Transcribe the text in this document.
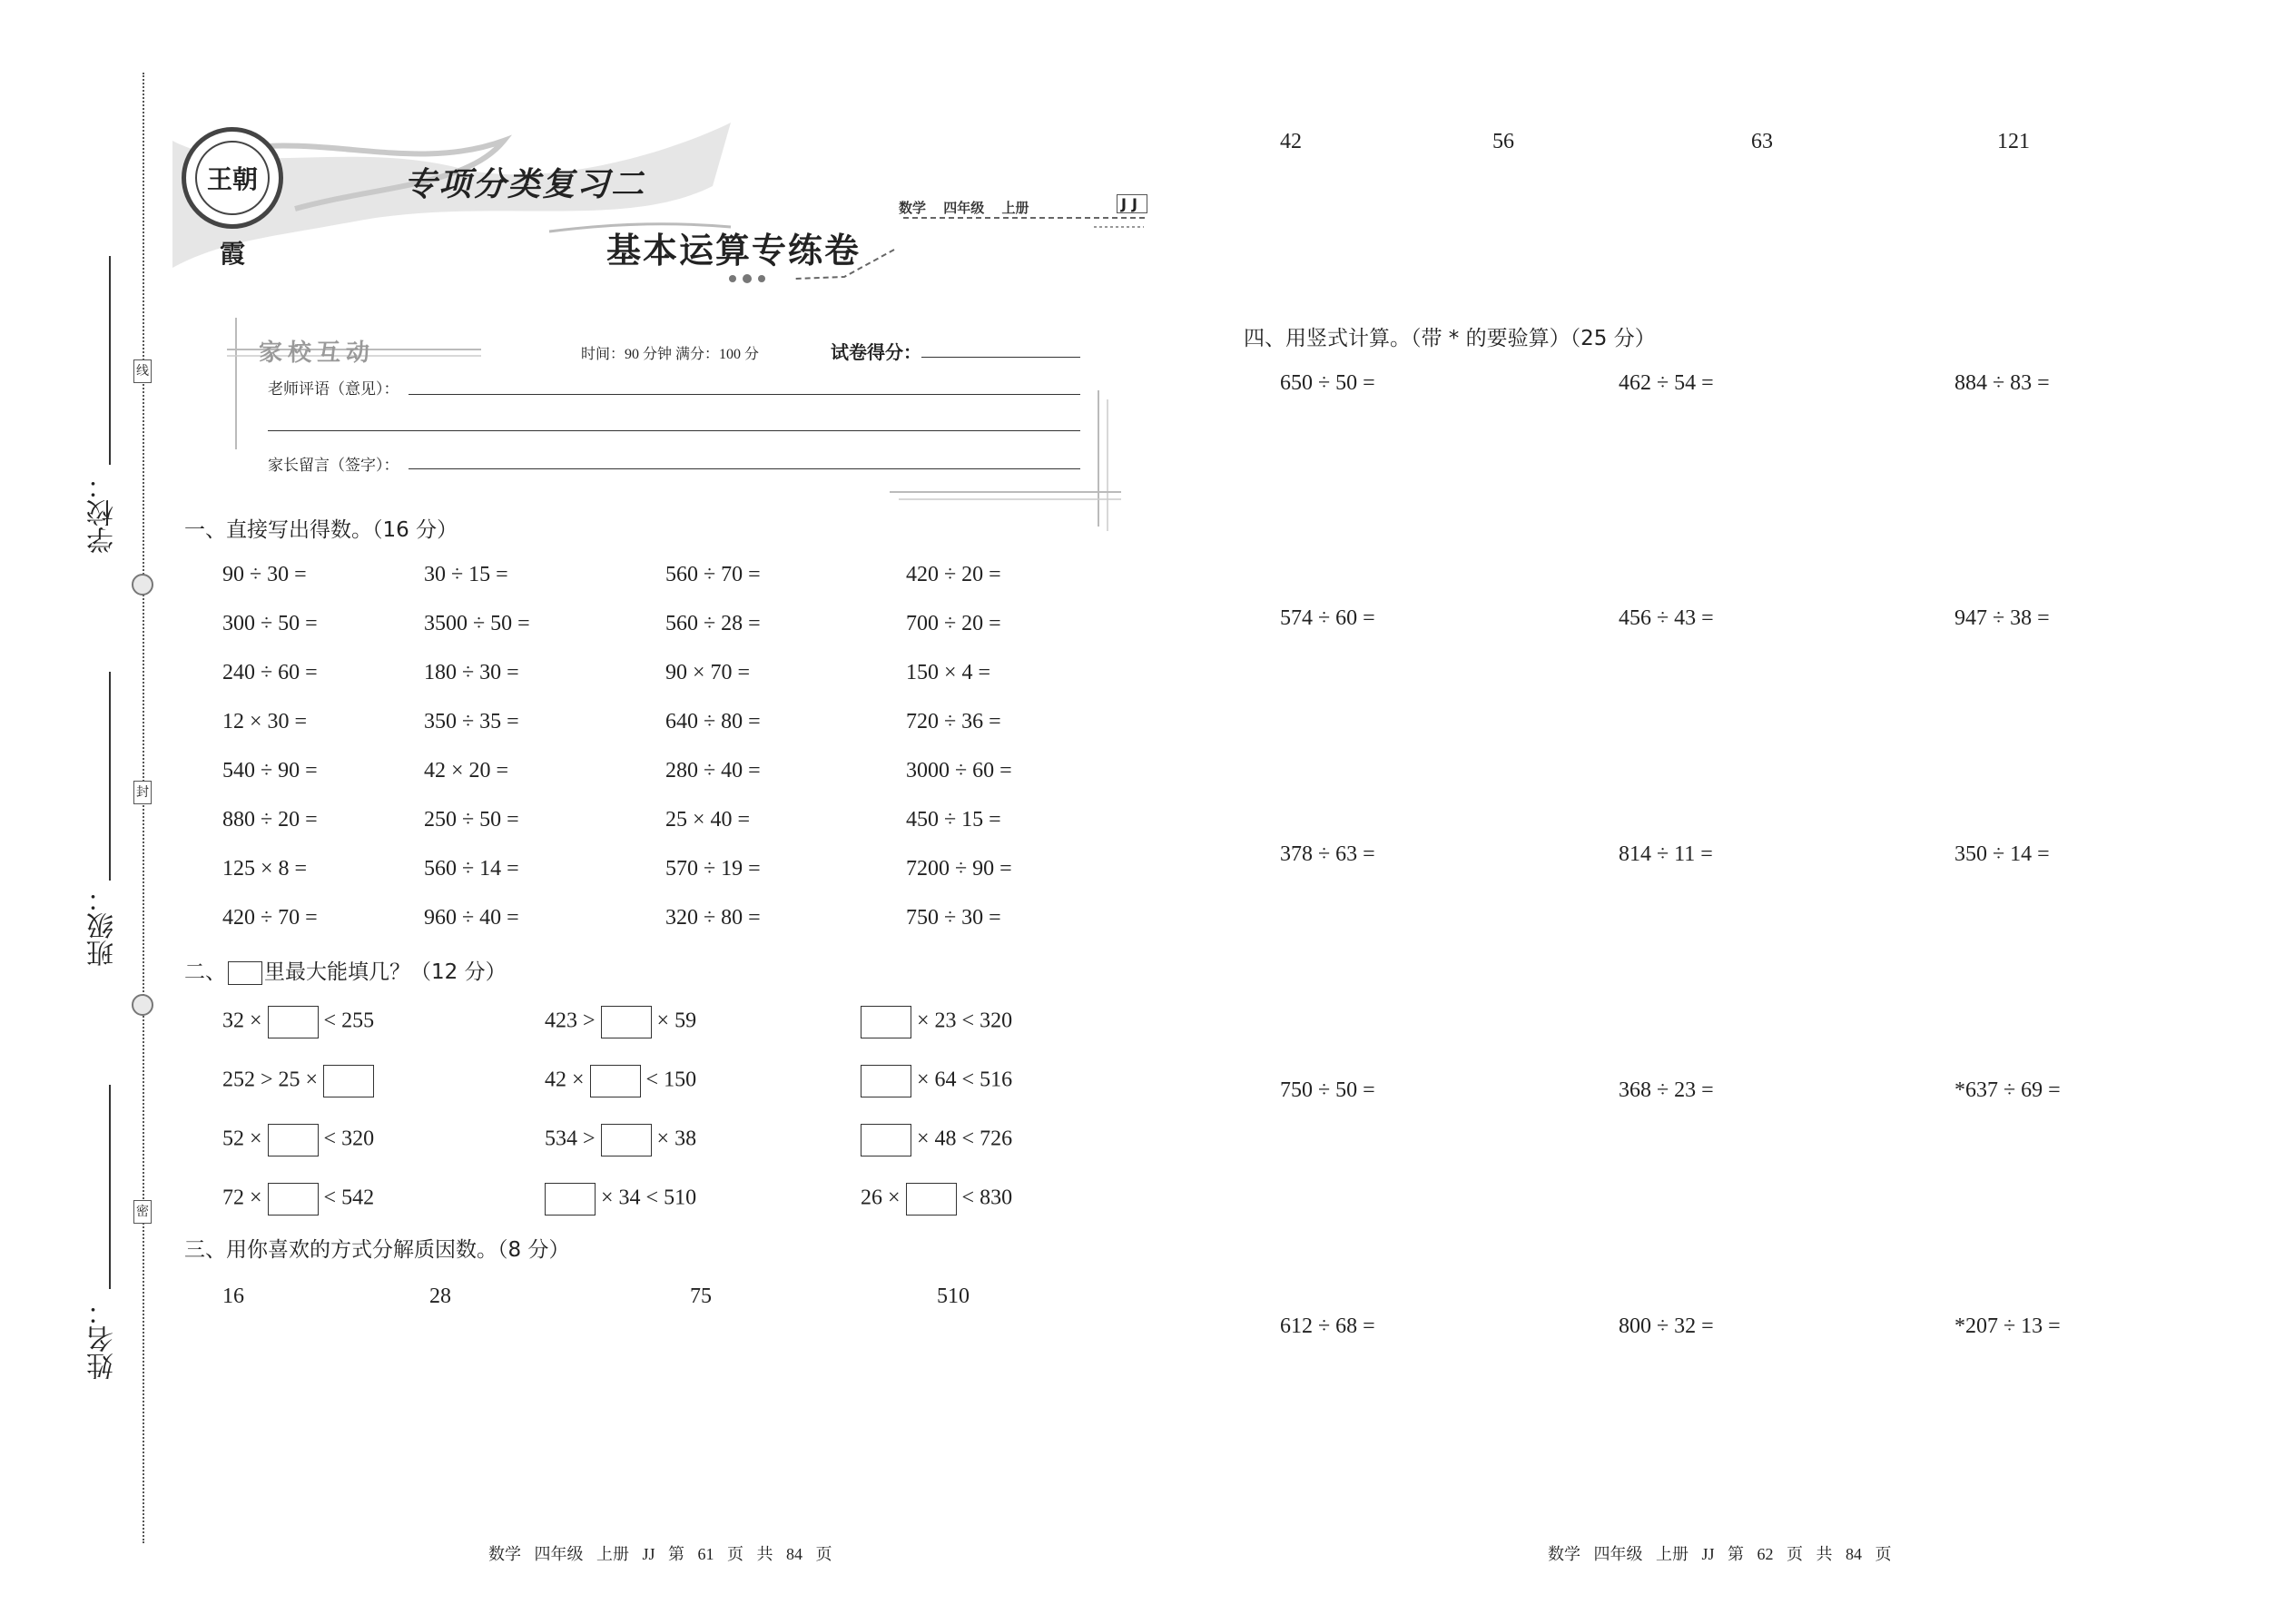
学校：
班级：
姓名：
线
封
密
王朝霞
专项分类复习二
基本运算专练卷
数学 四年级 上册	JJ
家校互动	时间：90 分钟 满分：100 分	试卷得分：
老师评语（意见）：
家长留言（签字）：
一、直接写出得数。（16 分）
90 ÷ 30 =	30 ÷ 15 =	560 ÷ 70 =	420 ÷ 20 =
300 ÷ 50 =	3500 ÷ 50 =	560 ÷ 28 =	700 ÷ 20 =
240 ÷ 60 =	180 ÷ 30 =	90 × 70 =	150 × 4 =
12 × 30 =	350 ÷ 35 =	640 ÷ 80 =	720 ÷ 36 =
540 ÷ 90 =	42 × 20 =	280 ÷ 40 =	3000 ÷ 60 =
880 ÷ 20 =	250 ÷ 50 =	25 × 40 =	450 ÷ 15 =
125 × 8 =	560 ÷ 14 =	570 ÷ 19 =	7200 ÷ 90 =
420 ÷ 70 =	960 ÷ 40 =	320 ÷ 80 =	750 ÷ 30 =
二、 里最大能填几？（12 分）
32 ×	< 255	423 >	× 59	× 23 < 320
252 > 25 ×	42 ×	< 150	× 64 < 516
52 ×	< 320	534 >	× 38	× 48 < 726
72 ×	< 542	× 34 < 510	26 ×	< 830
三、用你喜欢的方式分解质因数。（8 分）
16	28	75	510
42	56	63	121
四、用竖式计算。（带 * 的要验算）（25 分）
650 ÷ 50 =	462 ÷ 54 =	884 ÷ 83 =
574 ÷ 60 =	456 ÷ 43 =	947 ÷ 38 =
378 ÷ 63 =	814 ÷ 11 =	350 ÷ 14 =
750 ÷ 50 =	368 ÷ 23 =	*637 ÷ 69 =
612 ÷ 68 =	800 ÷ 32 =	*207 ÷ 13 =
数学 四年级 上册 JJ 第 61 页 共 84 页	数学 四年级 上册 JJ 第 62 页 共 84 页
